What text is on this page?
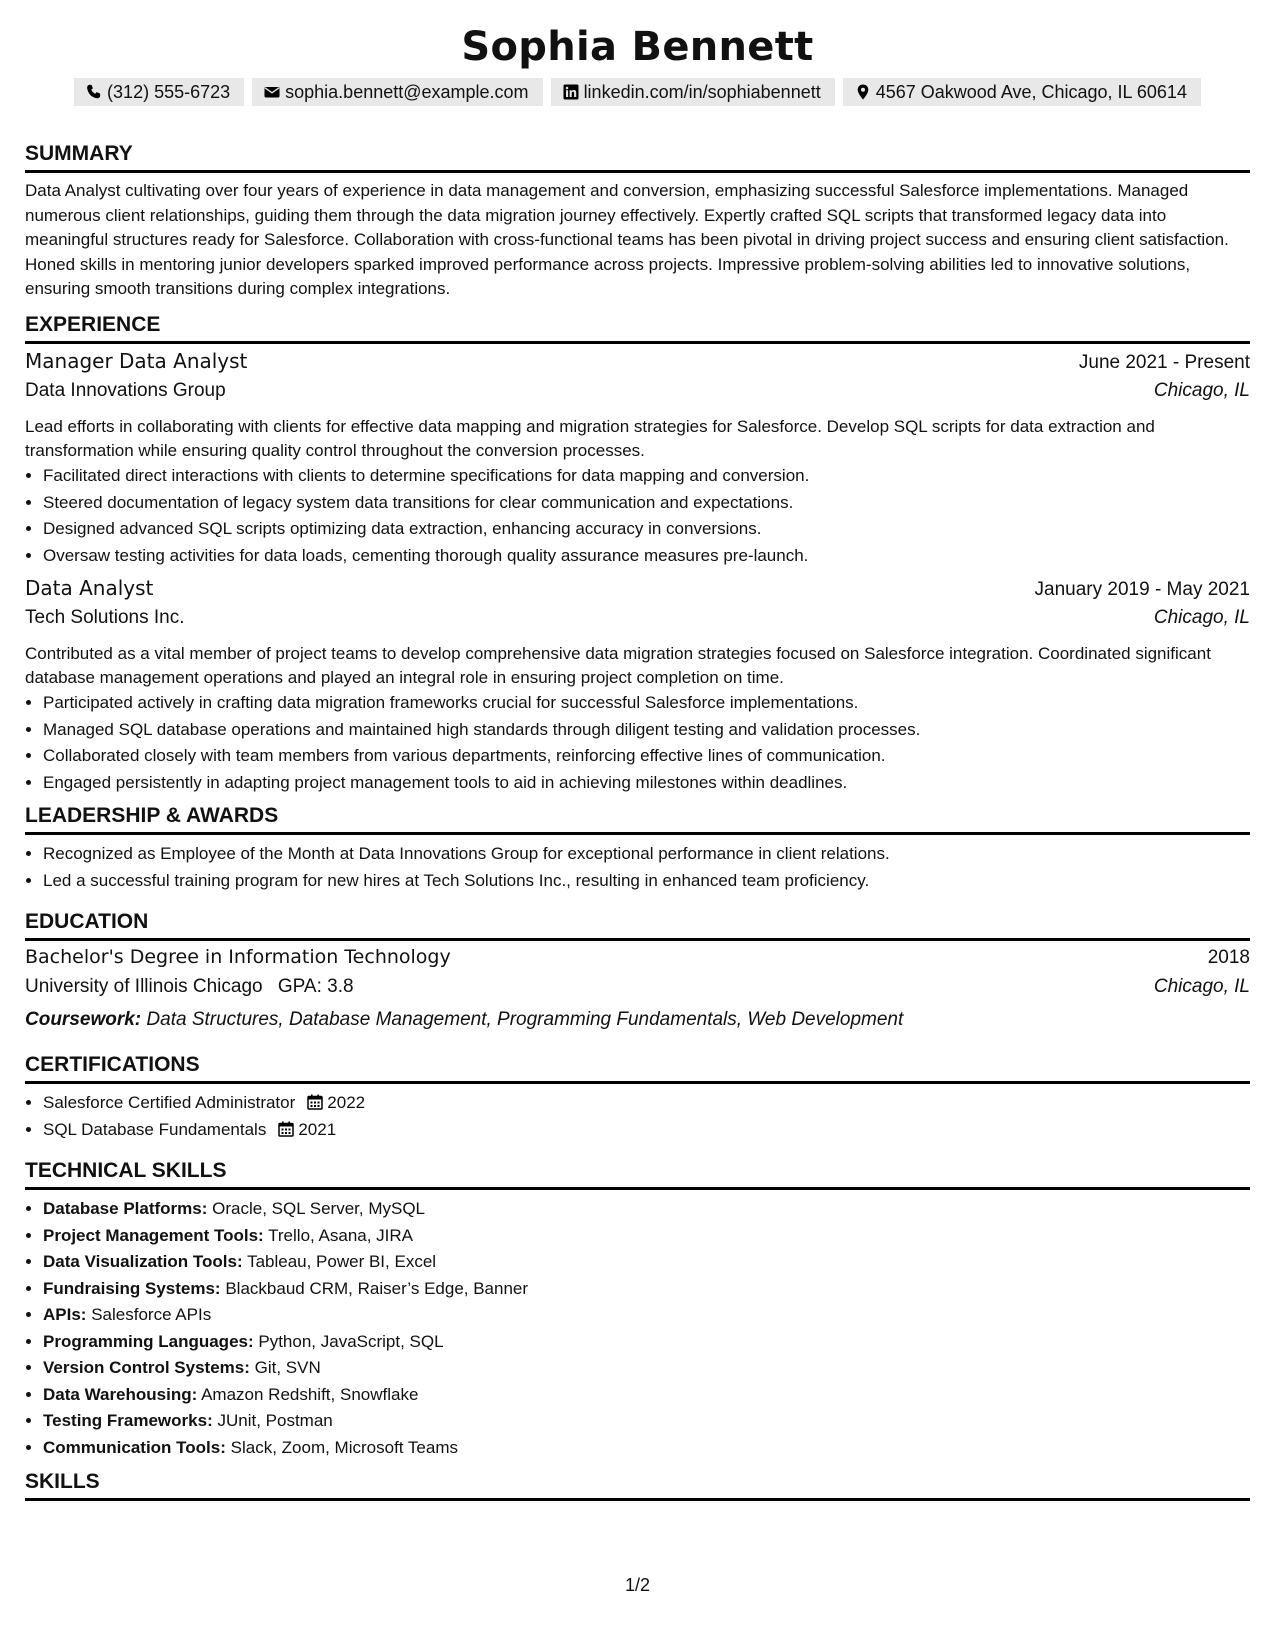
Sophia Bennett
(312) 555-6723	sophia.bennett@example.com	linkedin.com/in/sophiabennett	4567 Oakwood Ave, Chicago, IL 60614
SUMMARY
Data Analyst cultivating over four years of experience in data management and conversion, emphasizing successful Salesforce implementations. Managed numerous client relationships, guiding them through the data migration journey effectively. Expertly crafted SQL scripts that transformed legacy data into meaningful structures ready for Salesforce. Collaboration with cross-functional teams has been pivotal in driving project success and ensuring client satisfaction. Honed skills in mentoring junior developers sparked improved performance across projects. Impressive problem-solving abilities led to innovative solutions, ensuring smooth transitions during complex integrations.
EXPERIENCE
Manager Data Analyst	June 2021 - Present
Data Innovations Group	Chicago, IL
Lead efforts in collaborating with clients for effective data mapping and migration strategies for Salesforce. Develop SQL scripts for data extraction and transformation while ensuring quality control throughout the conversion processes.
• Facilitated direct interactions with clients to determine specifications for data mapping and conversion.
• Steered documentation of legacy system data transitions for clear communication and expectations.
• Designed advanced SQL scripts optimizing data extraction, enhancing accuracy in conversions.
• Oversaw testing activities for data loads, cementing thorough quality assurance measures pre-launch.
Data Analyst	January 2019 - May 2021
Tech Solutions Inc.	Chicago, IL
Contributed as a vital member of project teams to develop comprehensive data migration strategies focused on Salesforce integration. Coordinated significant database management operations and played an integral role in ensuring project completion on time.
• Participated actively in crafting data migration frameworks crucial for successful Salesforce implementations.
• Managed SQL database operations and maintained high standards through diligent testing and validation processes.
• Collaborated closely with team members from various departments, reinforcing effective lines of communication.
• Engaged persistently in adapting project management tools to aid in achieving milestones within deadlines.
LEADERSHIP & AWARDS
• Recognized as Employee of the Month at Data Innovations Group for exceptional performance in client relations.
• Led a successful training program for new hires at Tech Solutions Inc., resulting in enhanced team proficiency.
EDUCATION
Bachelor's Degree in Information Technology	2018
University of Illinois Chicago GPA: 3.8	Chicago, IL
Coursework: Data Structures, Database Management, Programming Fundamentals, Web Development
CERTIFICATIONS
• Salesforce Certified Administrator 2022
• SQL Database Fundamentals 2021
TECHNICAL SKILLS
• Database Platforms: Oracle, SQL Server, MySQL
• Project Management Tools: Trello, Asana, JIRA
• Data Visualization Tools: Tableau, Power BI, Excel
• Fundraising Systems: Blackbaud CRM, Raiser’s Edge, Banner
• APIs: Salesforce APIs
• Programming Languages: Python, JavaScript, SQL
• Version Control Systems: Git, SVN
• Data Warehousing: Amazon Redshift, Snowflake
• Testing Frameworks: JUnit, Postman
• Communication Tools: Slack, Zoom, Microsoft Teams
SKILLS
1/2
